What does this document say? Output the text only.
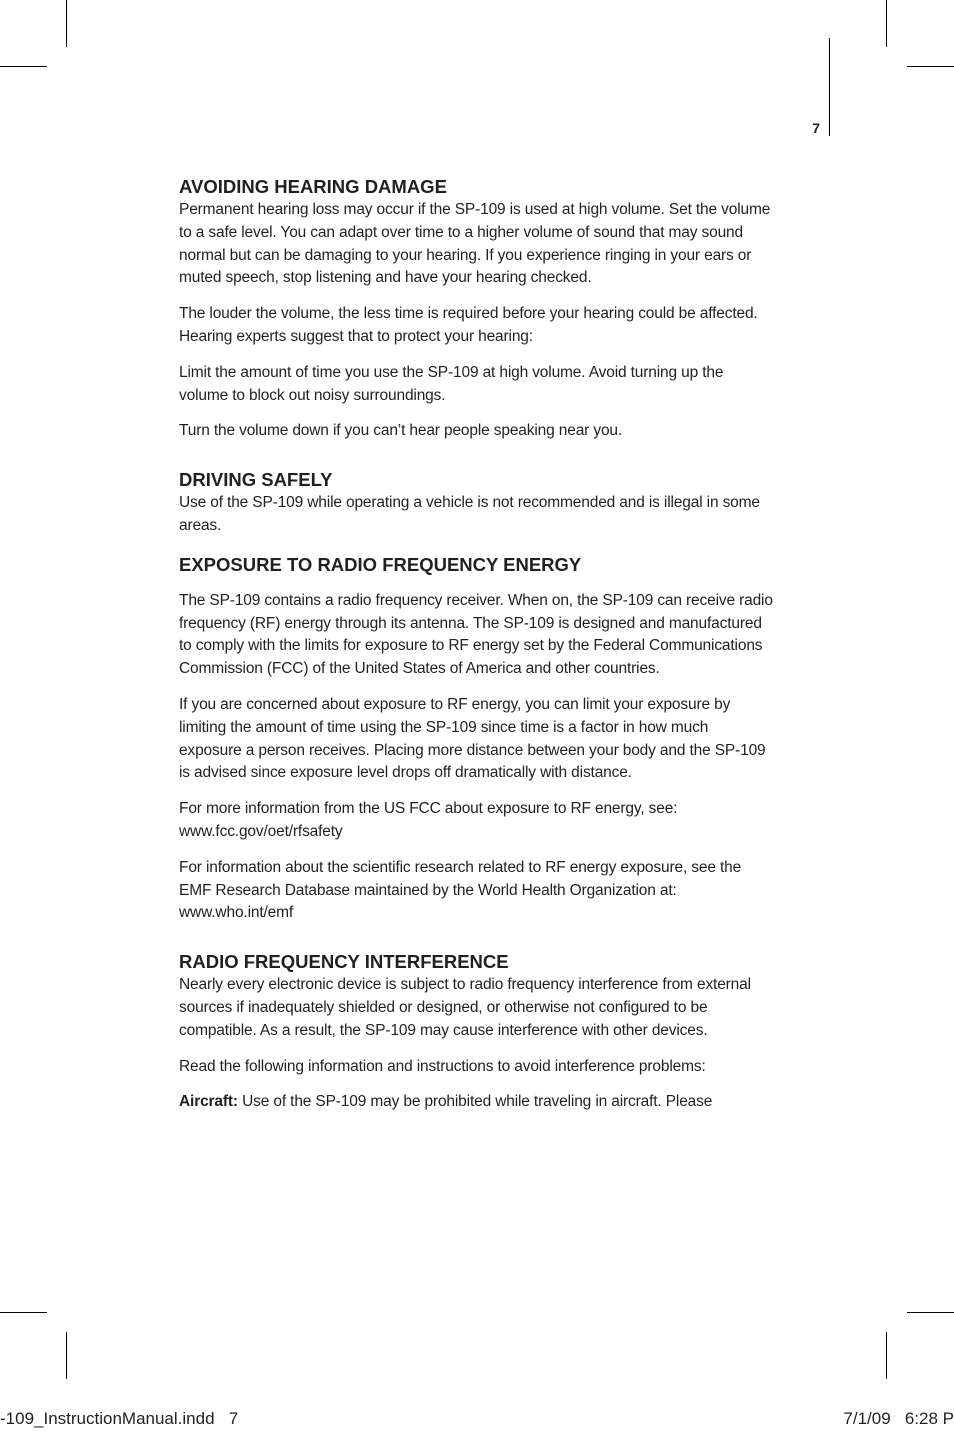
7
AVOIDING HEARING DAMAGE

Permanent hearing loss may occur if the SP-109 is used at high volume. Set the volume to a safe level. You can adapt over time to a higher volume of sound that may sound normal but can be damaging to your hearing. If you experience ringing in your ears or muted speech, stop listening and have your hearing checked.

The louder the volume, the less time is required before your hearing could be affected. Hearing experts suggest that to protect your hearing:

Limit the amount of time you use the SP-109 at high volume. Avoid turning up the volume to block out noisy surroundings.

Turn the volume down if you can’t hear people speaking near you.

DRIVING SAFELY

Use of the SP-109 while operating a vehicle is not recommended and is illegal in some areas.

EXPOSURE TO RADIO FREQUENCY ENERGY

The SP-109 contains a radio frequency receiver. When on, the SP-109 can receive radio frequency (RF) energy through its antenna. The SP-109 is designed and manufactured to comply with the limits for exposure to RF energy set by the Federal Communications Commission (FCC) of the United States of America and other countries.

If you are concerned about exposure to RF energy, you can limit your exposure by limiting the amount of time using the SP-109 since time is a factor in how much exposure a person receives. Placing more distance between your body and the SP-109 is advised since exposure level drops off dramatically with distance.

For more information from the US FCC about exposure to RF energy, see: www.fcc.gov/oet/rfsafety

For information about the scientific research related to RF energy exposure, see the EMF Research Database maintained by the World Health Organization at: www.who.int/emf

RADIO FREQUENCY INTERFERENCE

Nearly every electronic device is subject to radio frequency interference from external sources if inadequately shielded or designed, or otherwise not configured to be compatible. As a result, the SP-109 may cause interference with other devices.

Read the following information and instructions to avoid interference problems:

Aircraft: Use of the SP-109 may be prohibited while traveling in aircraft. Please

-109_InstructionManual.indd   7	7/1/09   6:28 P
